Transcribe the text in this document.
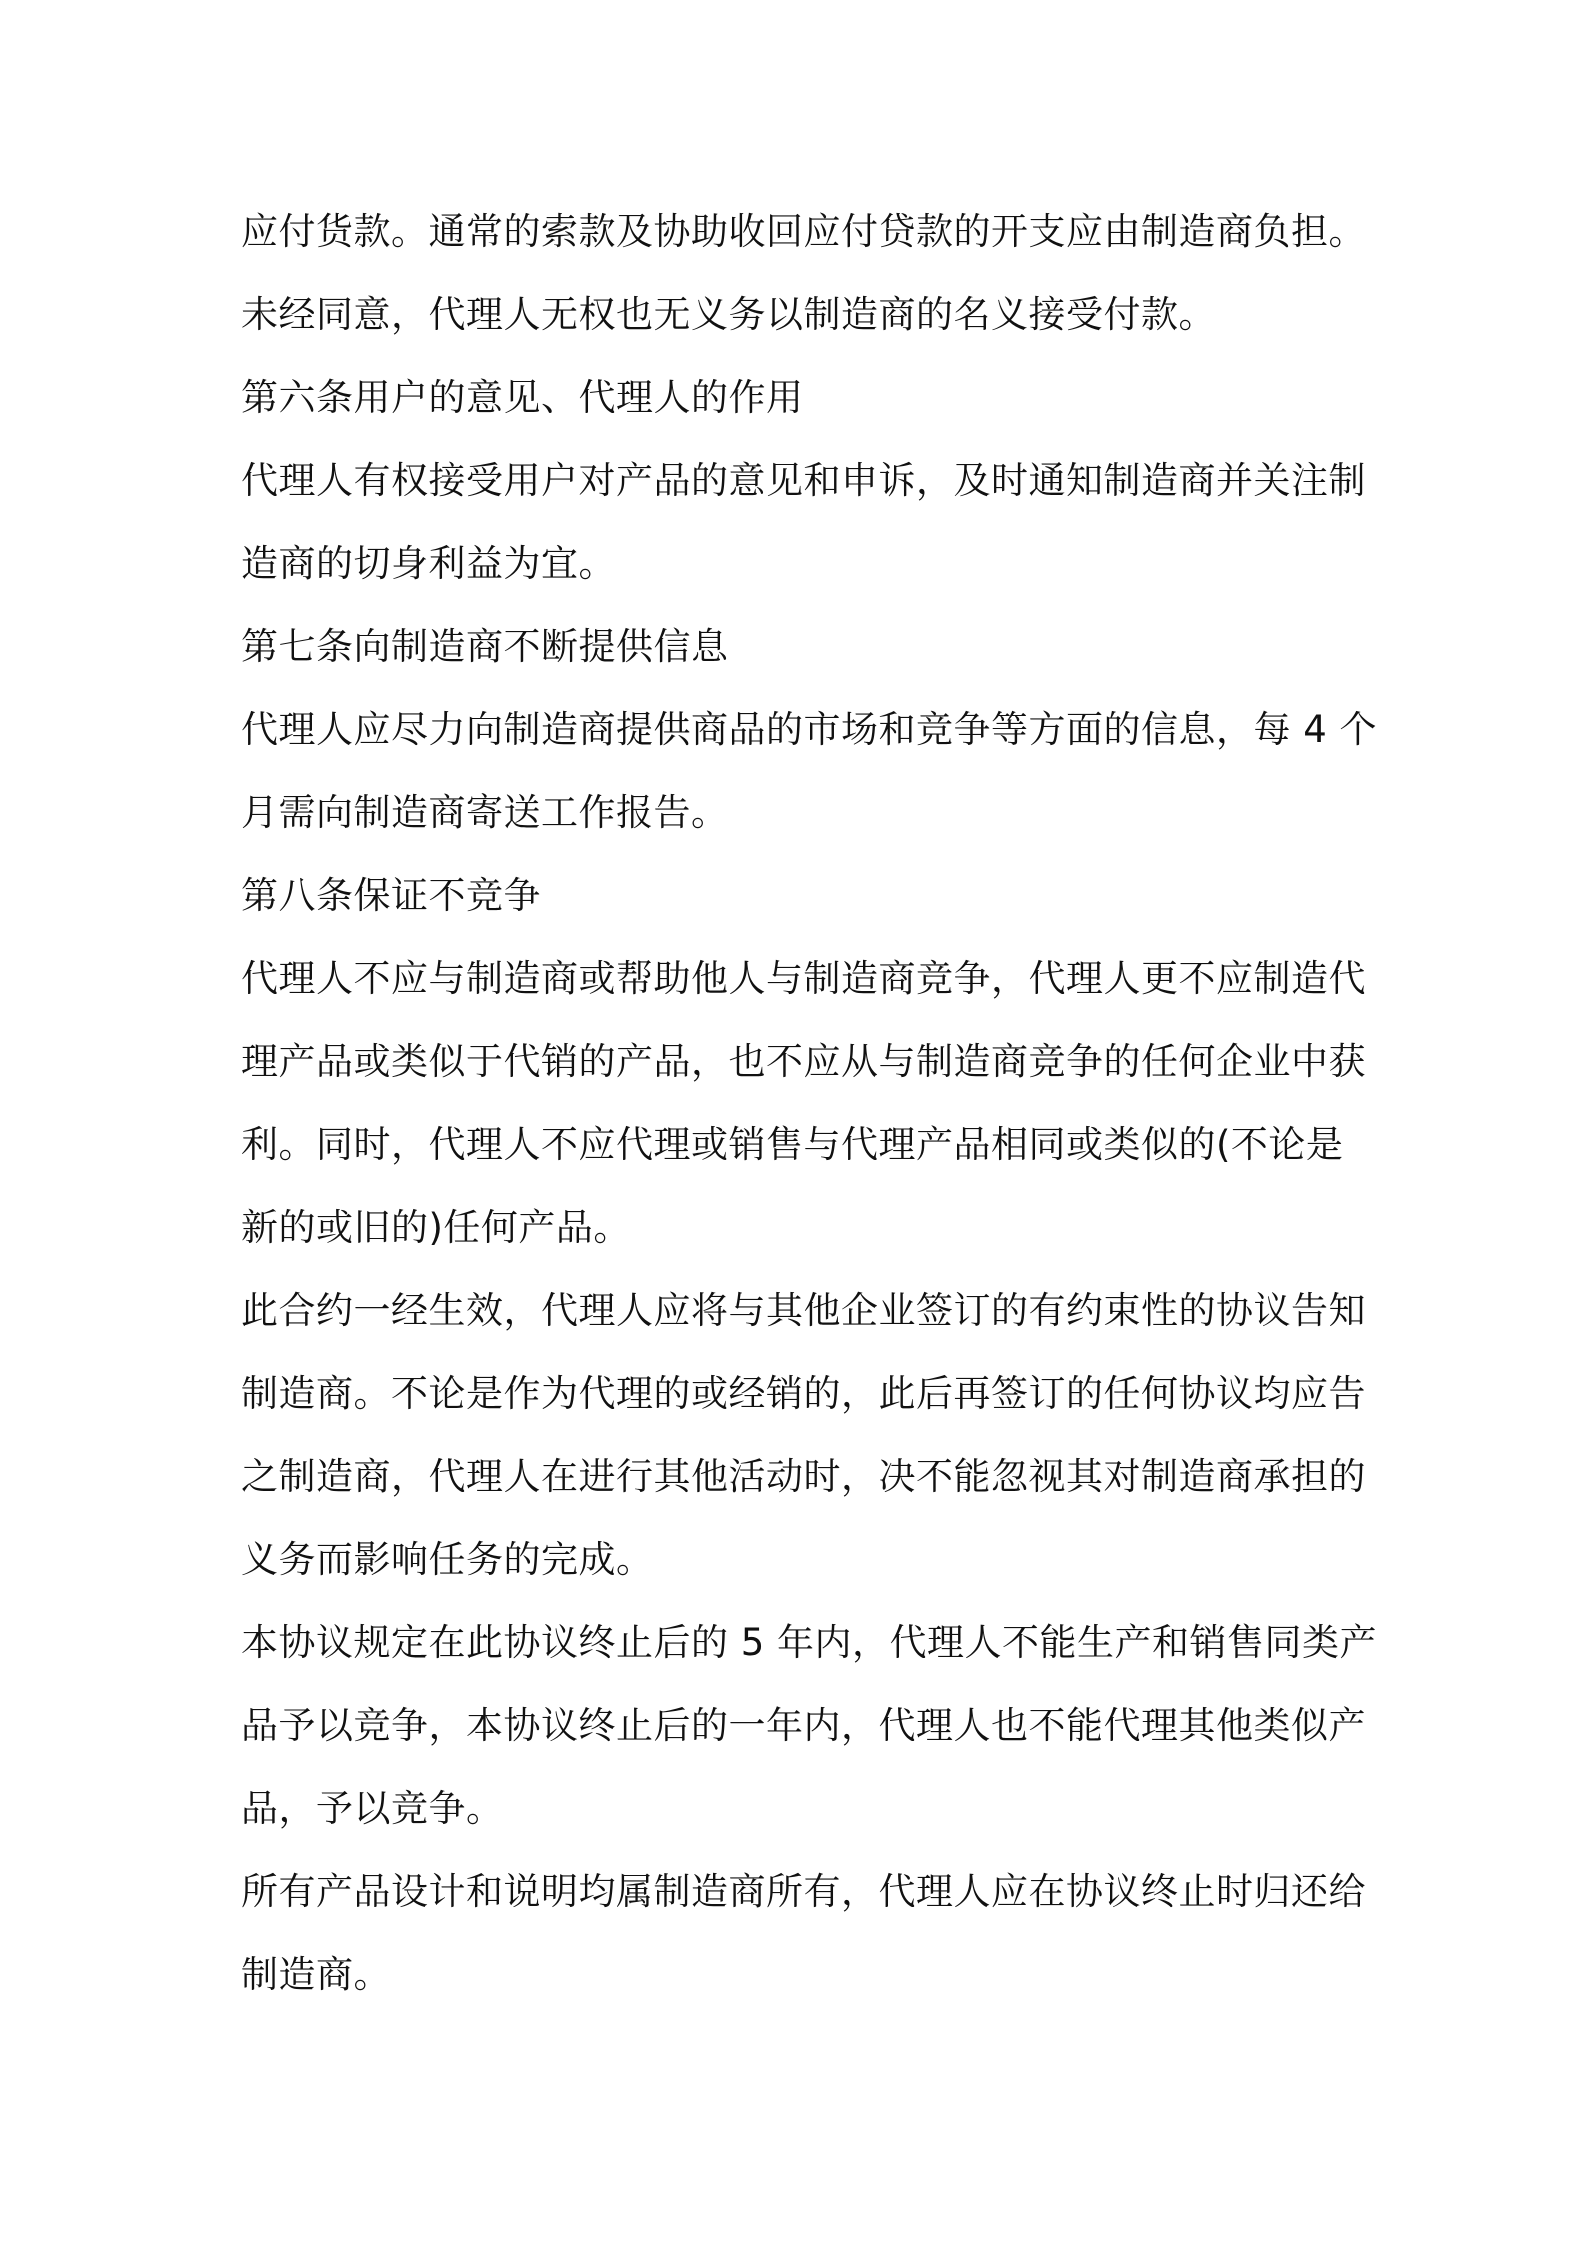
应付货款。通常的索款及协助收回应付贷款的开支应由制造商负担。
未经同意，代理人无权也无义务以制造商的名义接受付款。
第六条用户的意见、代理人的作用
代理人有权接受用户对产品的意见和申诉，及时通知制造商并关注制
造商的切身利益为宜。
第七条向制造商不断提供信息
代理人应尽力向制造商提供商品的市场和竞争等方面的信息，每 4 个
月需向制造商寄送工作报告。
第八条保证不竞争
代理人不应与制造商或帮助他人与制造商竞争，代理人更不应制造代
理产品或类似于代销的产品，也不应从与制造商竞争的任何企业中获
利。同时，代理人不应代理或销售与代理产品相同或类似的(不论是
新的或旧的)任何产品。
此合约一经生效，代理人应将与其他企业签订的有约束性的协议告知
制造商。不论是作为代理的或经销的，此后再签订的任何协议均应告
之制造商，代理人在进行其他活动时，决不能忽视其对制造商承担的
义务而影响任务的完成。
本协议规定在此协议终止后的 5 年内，代理人不能生产和销售同类产
品予以竞争，本协议终止后的一年内，代理人也不能代理其他类似产
品，予以竞争。
所有产品设计和说明均属制造商所有，代理人应在协议终止时归还给
制造商。
